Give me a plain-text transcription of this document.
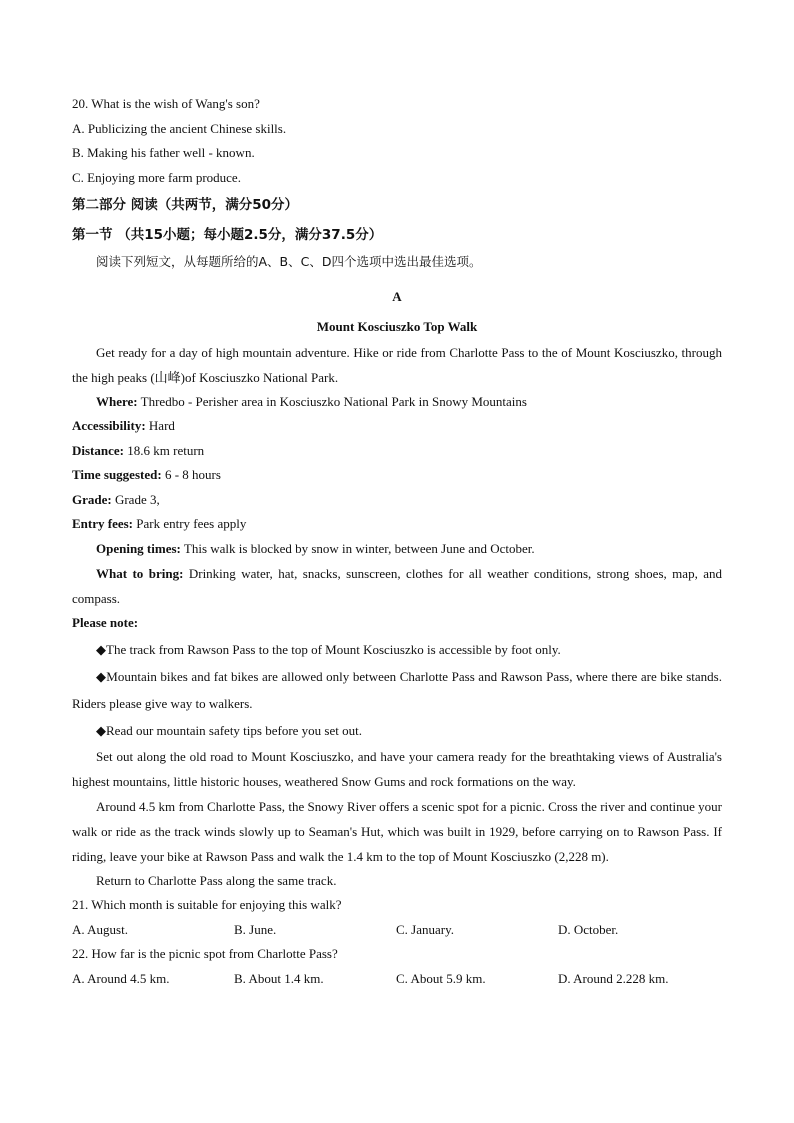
20. What is the wish of Wang's son?
A. Publicizing the ancient Chinese skills.
B. Making his father well - known.
C. Enjoying more farm produce.
第二部分 阅读（共两节，满分50分）
第一节 （共15小题；每小题2.5分，满分37.5分）
阅读下列短文，从每题所给的A、B、C、D四个选项中选出最佳选项。
A
Mount Kosciuszko Top Walk
Get ready for a day of high mountain adventure. Hike or ride from Charlotte Pass to the of Mount Kosciuszko, through the high peaks (山峰)of Kosciuszko National Park.
Where: Thredbo - Perisher area in Kosciuszko National Park in Snowy Mountains
Accessibility: Hard
Distance: 18.6 km return
Time suggested: 6 - 8 hours
Grade: Grade 3,
Entry fees: Park entry fees apply
Opening times: This walk is blocked by snow in winter, between June and October.
What to bring: Drinking water, hat, snacks, sunscreen, clothes for all weather conditions, strong shoes, map, and compass.
Please note:
◆The track from Rawson Pass to the top of Mount Kosciuszko is accessible by foot only.
◆Mountain bikes and fat bikes are allowed only between Charlotte Pass and Rawson Pass, where there are bike stands. Riders please give way to walkers.
◆Read our mountain safety tips before you set out.
Set out along the old road to Mount Kosciuszko, and have your camera ready for the breathtaking views of Australia's highest mountains, little historic houses, weathered Snow Gums and rock formations on the way.
Around 4.5 km from Charlotte Pass, the Snowy River offers a scenic spot for a picnic. Cross the river and continue your walk or ride as the track winds slowly up to Seaman's Hut, which was built in 1929, before carrying on to Rawson Pass. If riding, leave your bike at Rawson Pass and walk the 1.4 km to the top of Mount Kosciuszko (2,228 m).
Return to Charlotte Pass along the same track.
21. Which month is suitable for enjoying this walk?
A. August.	B. June.	C. January.	D. October.
22. How far is the picnic spot from Charlotte Pass?
A. Around 4.5 km.	B. About 1.4 km.	C. About 5.9 km.	D. Around 2.228 km.
